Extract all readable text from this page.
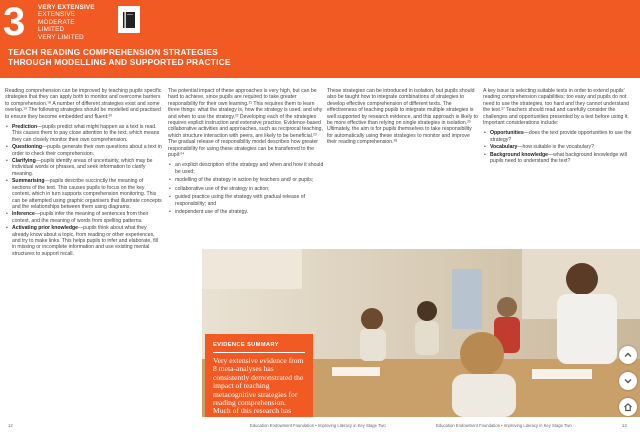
3 VERY EXTENSIVE
EXTENSIVE
MODERATE
LIMITED
VERY LIMITED
TEACH READING COMPREHENSION STRATEGIES
THROUGH MODELLING AND SUPPORTED PRACTICE

Reading comprehension can be improved by teaching pupils specific strategies that they can apply both to monitor and overcome barriers to comprehension.¹⁸ A number of different strategies exist and some overlap.¹⁹ The following strategies should be modelled and practised to ensure they become embedded and fluent:²⁰

• Prediction—pupils predict what might happen as a text is read. This causes them to pay close attention to the text, which means they can closely monitor their own comprehension.
• Questioning—pupils generate their own questions about a text in order to check their comprehension.
• Clarifying—pupils identify areas of uncertainty, which may be individual words or phrases, and seek information to clarify meaning.
• Summarising—pupils describe succinctly the meaning of sections of the text. This causes pupils to focus on the key content, which in turn supports comprehension monitoring. This can be attempted using graphic organisers that illustrate concepts and the relationships between them using diagrams.
• Inference—pupils infer the meaning of sentences from their context, and the meaning of words from spelling patterns.
• Activating prior knowledge—pupils think about what they already know about a topic, from reading or other experiences, and try to make links. This helps pupils to infer and elaborate, fill in missing or incomplete information and use existing mental structures to support recall.

The potential impact of these approaches is very high, but can be hard to achieve, since pupils are required to take greater responsibility for their own learning.²¹ This requires them to learn three things: what the strategy is, how the strategy is used, and why and when to use the strategy.²² Developing each of the strategies requires explicit instruction and extensive practice. Evidence-based collaborative activities and approaches, such as reciprocal teaching, which structure interaction with peers, are likely to be beneficial.²³ The gradual release of responsibility model describes how greater responsibility for using these strategies can be transferred to the pupil:²⁴

• an explicit description of the strategy and when and how it should be used;
• modelling of the strategy in action by teachers and/ or pupils;
• collaborative use of the strategy in action;
• guided practice using the strategy with gradual release of responsibility; and
• independent use of the strategy.

These strategies can be introduced in isolation, but pupils should also be taught how to integrate combinations of strategies to develop effective comprehension of different texts. The effectiveness of teaching pupils to integrate multiple strategies is well supported by research evidence, and this approach is likely to be more effective than relying on single strategies in isolation.²⁵ Ultimately, the aim is for pupils themselves to take responsibility for automatically using these strategies to monitor and improve their reading comprehension.²⁶

A key issue is selecting suitable texts in order to extend pupils' reading comprehension capabilities: too easy and pupils do not need to use the strategies, too hard and they cannot understand the text.²⁷ Teachers should read and carefully consider the challenges and opportunities presented by a text before using it. Important considerations include:

• Opportunities—does the text provide opportunities to use the strategy?
• Vocabulary—how suitable is the vocabulary?
• Background knowledge—what background knowledge will pupils need to understand the text?
EVIDENCE SUMMARY
Very extensive evidence from 8 meta-analyses has consistently demonstrated the impact of teaching metacognitive strategies for reading comprehension. Much of this research has been with pupils aged 7-11.
12	Education Endowment Foundation • Improving Literacy in Key Stage Two	Education Endowment Foundation • Improving Literacy in Key Stage Two	13
